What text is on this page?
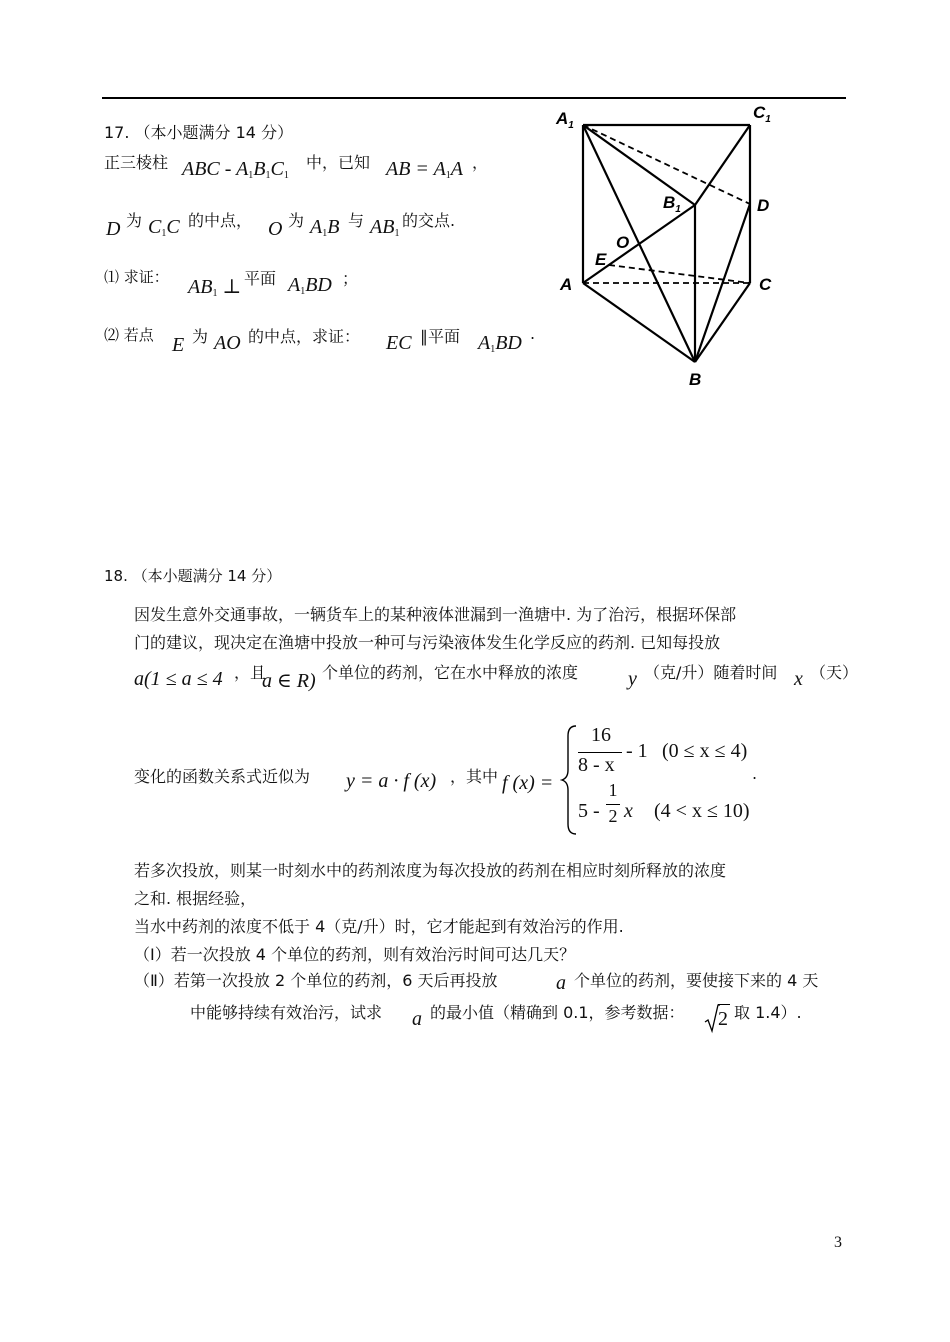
17. （本小题满分 14 分）
正三棱柱 ABC - $A_1B_1C_1$
中，已知 AB = $A_1A$ ，
D 为 $C_1C$ 的中点， O 为 $A_1B$ 与 $AB_1$
的交点.
⑴ 求证： $AB_1$ ⊥ 平面 $A_1BD$ ；
⑵ 若点 E 为 AO 的中点，求证： EC ∥平面 $A_1BD$ .
$A_1$
$C_1$
$B_1$	D
O
E
A	C
B
18. （本小题满分 14 分）
因发生意外交通事故，一辆货车上的某种液体泄漏到一渔塘中. 为了治污，根据环保部
门的建议，现决定在渔塘中投放一种可与污染液体发生化学反应的药剂. 已知每投放
a(1 ≤ a ≤ 4 ，且
a ∈ R) 个单位的药剂，它在水中释放的浓度 y （克/升）随着时间 x （天）
变化的函数关系式近似为 y = a · f (x) ，其中 f (x) =
16
8 - x
- 1 (0 ≤ x ≤ 4)
5 -
1
2 x (4 < x ≤ 10)
.
若多次投放，则某一时刻水中的药剂浓度为每次投放的药剂在相应时刻所释放的浓度
之和. 根据经验，
当水中药剂的浓度不低于 4（克/升）时，它才能起到有效治污的作用.
（Ⅰ）若一次投放 4 个单位的药剂，则有效治污时间可达几天？
（Ⅱ）若第一次投放 2 个单位的药剂，6 天后再投放	a 个单位的药剂，要使接下来的 4 天
中能够持续有效治污，试求 a 的最小值（精确到 0.1，参考数据： 2 取 1.4）.
3
